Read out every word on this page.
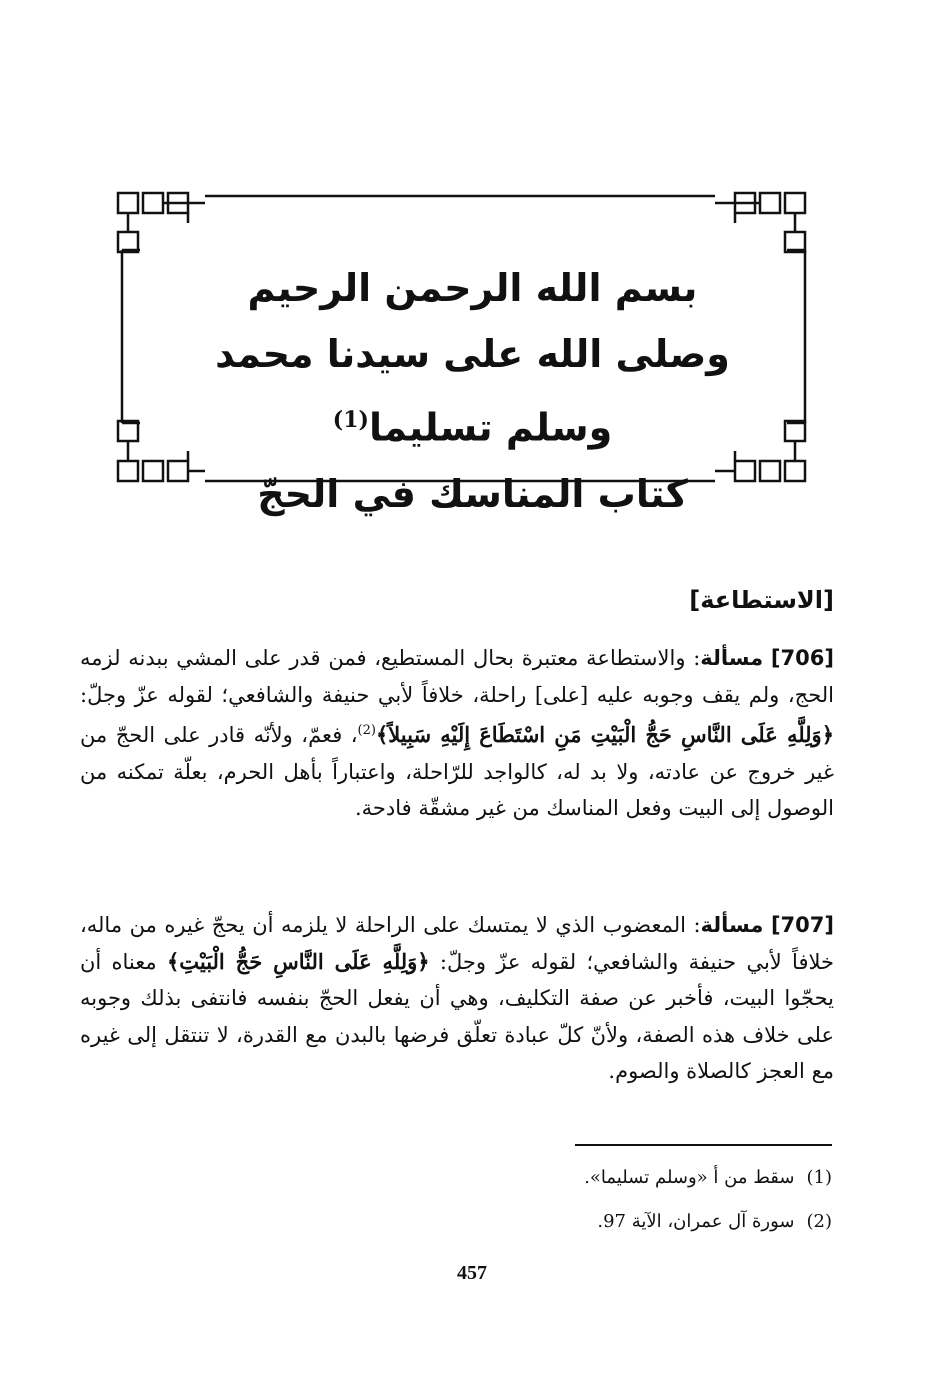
بسم الله الرحمن الرحيم
وصلى الله على سيدنا محمد وسلم تسليما$^{(1)}$
كتاب المناسك في الحجّ
[الاستطاعة]
[706] مسألة: والاستطاعة معتبرة بحال المستطيع، فمن قدر على المشي ببدنه لزمه الحج، ولم يقف وجوبه عليه [على] راحلة، خلافاً لأبي حنيفة والشافعي؛ لقوله عزّ وجلّ: ﴿وَلِلَّهِ عَلَى النَّاسِ حَجُّ الْبَيْتِ مَنِ اسْتَطَاعَ إِلَيْهِ سَبِيلاً﴾$^{(2)}$، فعمّ، ولأنّه قادر على الحجّ من غير خروج عن عادته، ولا بد له، كالواجد للرّاحلة، واعتباراً بأهل الحرم، بعلّة تمكنه من الوصول إلى البيت وفعل المناسك من غير مشقّة فادحة.
[707] مسألة: المعضوب الذي لا يمتسك على الراحلة لا يلزمه أن يحجّ غيره من ماله، خلافاً لأبي حنيفة والشافعي؛ لقوله عزّ وجلّ: ﴿وَلِلَّهِ عَلَى النَّاسِ حَجُّ الْبَيْتِ﴾ معناه أن يحجّوا البيت، فأخبر عن صفة التكليف، وهي أن يفعل الحجّ بنفسه فانتفى بذلك وجوبه على خلاف هذه الصفة، ولأنّ كلّ عبادة تعلّق فرضها بالبدن مع القدرة، لا تنتقل إلى غيره مع العجز كالصلاة والصوم.
(1)سقط من أ «وسلم تسليما».
(2)سورة آل عمران، الآية 97.
457
